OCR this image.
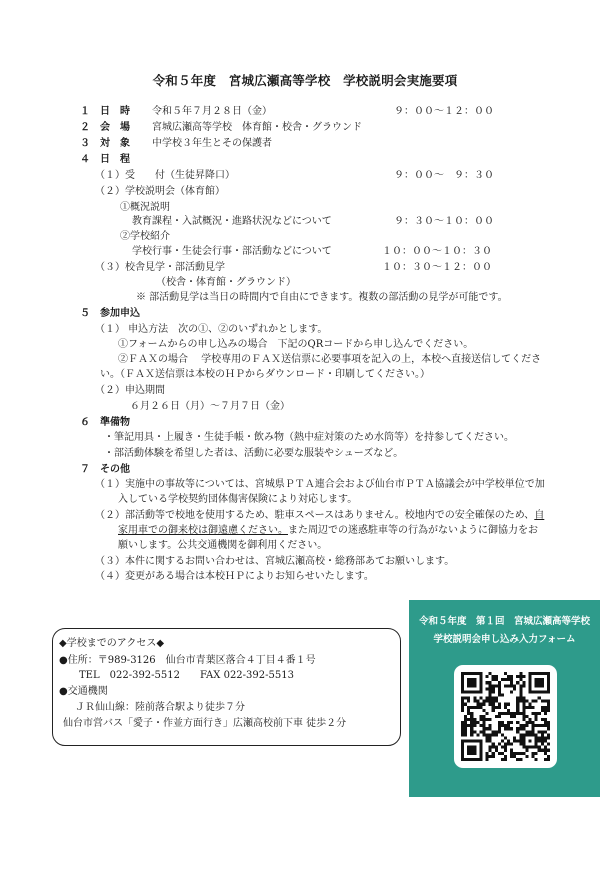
令和５年度　宮城広瀬高等学校　学校説明会実施要項
１ 日　時 令和５年７月２８日（金）	９：００～１２：００
２ 会　場 宮城広瀬高等学校　体育館・校舎・グラウンド
３ 対　象 中学校３年生とその保護者
４ 日　程
（１）受　　付（生徒昇降口）	９：００～　９：３０
（２）学校説明会（体育館）
①概況説明
教育課程・入試概況・進路状況などについて	９：３０～１０：００
②学校紹介
学校行事・生徒会行事・部活動などについて	１０：００～１０：３０
（３）校舎見学・部活動見学	１０：３０～１２：００
（校舎・体育館・グラウンド）
※ 部活動見学は当日の時間内で自由にできます。複数の部活動の見学が可能です。
５ 参加申込
（１） 申込方法　次の①、②のいずれかとします。
①フォームからの申し込みの場合　下記のQRコードから申し込んでください。
②ＦＡＸの場合　 学校専用のＦＡＸ送信票に必要事項を記入の上，本校へ直接送信してくださ
い。（ＦＡＸ送信票は本校のＨＰからダウンロード・印刷してください。）
（２）申込期間
６月２６日（月）～７月７日（金）
６ 準備物
・筆記用具・上履き・生徒手帳・飲み物（熱中症対策のため水筒等）を持参してください。
・部活動体験を希望した者は、活動に必要な服装やシューズなど。
７ その他
（１）実施中の事故等については、宮城県ＰＴＡ連合会および仙台市ＰＴＡ協議会が中学校単位で加
入している学校契約団体傷害保険により対応します。
（２）部活動等で校地を使用するため、駐車スペースはありません。校地内での安全確保のため、自
家用車での御来校は御遠慮ください。また周辺での迷惑駐車等の行為がないように御協力をお
願いします。公共交通機関を御利用ください。
（３）本件に関するお問い合わせは、宮城広瀬高校・総務部あてお願いします。
（４）変更がある場合は本校ＨＰによりお知らせいたします。
◆学校までのアクセス◆
●住所：〒989-3126　仙台市青葉区落合４丁目４番１号
TEL　022-392-5512　　FAX 022-392-5513
●交通機関
ＪＲ仙山線：陸前落合駅より徒歩７分
仙台市営バス「愛子・作並方面行き」広瀬高校前下車 徒歩２分
令和５年度　第１回　宮城広瀬高等学校　学校説明会申し込み入力フォーム
